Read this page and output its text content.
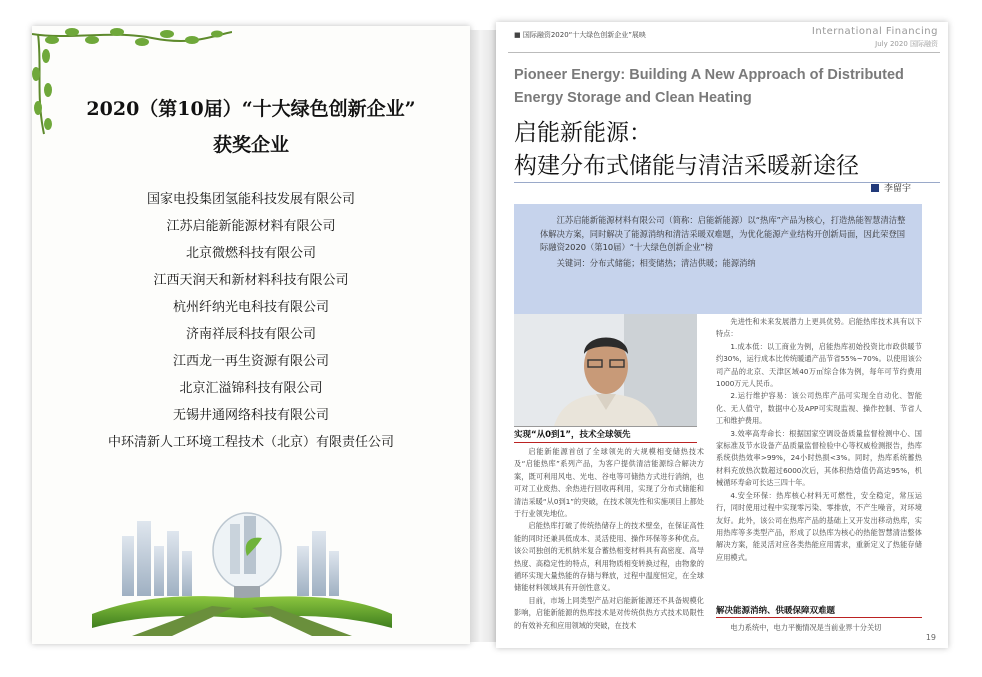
2020（第10届）“十大绿色创新企业”
获奖企业
国家电投集团氢能科技发展有限公司
江苏启能新能源材料有限公司
北京微燃科技有限公司
江西天润天和新材料科技有限公司
杭州纤纳光电科技有限公司
济南祥辰科技有限公司
江西龙一再生资源有限公司
北京汇溢锦科技有限公司
无锡井通网络科技有限公司
中环清新人工环境工程技术（北京）有限责任公司
■ 国际融资2020“十大绿色创新企业”展映	International Financing
July 2020 国际融资
Pioneer Energy: Building A New Approach of Distributed Energy Storage and Clean Heating
启能新能源：
构建分布式储能与清洁采暖新途径
李留宇

江苏启能新能源材料有限公司（简称：启能新能源）以“热库”产品为核心，打造热能智慧清洁整体解决方案，同时解决了能源消纳和清洁采暖双难题，为优化能源产业结构开创新局面，因此荣登国际融资2020（第10届）“十大绿色创新企业”榜

关键词：分布式储能；相变储热；清洁供暖；能源消纳

实现“从0到1”，技术全球领先

启能新能源首创了全球领先的大规模相变储热技术及“启能热库”系列产品，为客户提供清洁能源综合解决方案，既可利用风电、光电、谷电等可储热方式进行消纳，也可对工业废热、余热进行回收再利用，实现了分布式储能和清洁采暖“从0到1”的突破，在技术领先性和实施项目上都处于行业领先地位。

启能热库打破了传统热储存上的技术壁垒，在保证高性能的同时还兼具低成本、灵活使用、操作环保等多种优点。该公司独创的无机纳米复合蓄热相变材料具有高密度、高导热度、高稳定性的特点，利用物质相变转换过程，由物象的循环实现大量热能的存储与释放，过程中温度恒定，在全球储能材料领域具有开创性意义。

目前，市场上同类型产品对启能新能源还不具备规模化影响，启能新能源的热库技术是对传统供热方式技术局限性的有效补充和应用领域的突破，在技术

先进性和未来发展潜力上更具优势。启能热库技术具有以下特点：

1.成本低：以工商业为例，启能热库初始投资比市政供暖节约30%，运行成本比传统暖通产品节省55%~70%。以使用该公司产品的北京、天津区域40万㎡综合体为例，每年可节约费用1000万元人民币。

2.运行维护容易：该公司热库产品可实现全自动化、智能化、无人值守，数据中心及APP可实现监视、操作控制、节省人工和维护费用。

3.效率高寿命长：根据国家空调设备质量监督检测中心、国家标准及节水设备产品质量监督检验中心等权威检测报告，热库系统供热效率>99%，24小时热损<3%。同时，热库系统蓄热材料充放热次数超过6000次后，其体积热焓值仍高达95%，机械循环寿命可长达三四十年。

4.安全环保：热库核心材料无可燃性，安全稳定，常压运行，同时使用过程中实现零污染、零排放，不产生噪音，对环境友好。此外，该公司在热库产品的基础上又开发出移动热库，实用热库等多类型产品，形成了以热库为核心的热能智慧清洁整体解决方案，能灵活对应各类热能应用需求，重新定义了热能存储应用模式。

解决能源消纳、供暖保障双难题

电力系统中，电力平衡情况是当前业界十分关切

19
